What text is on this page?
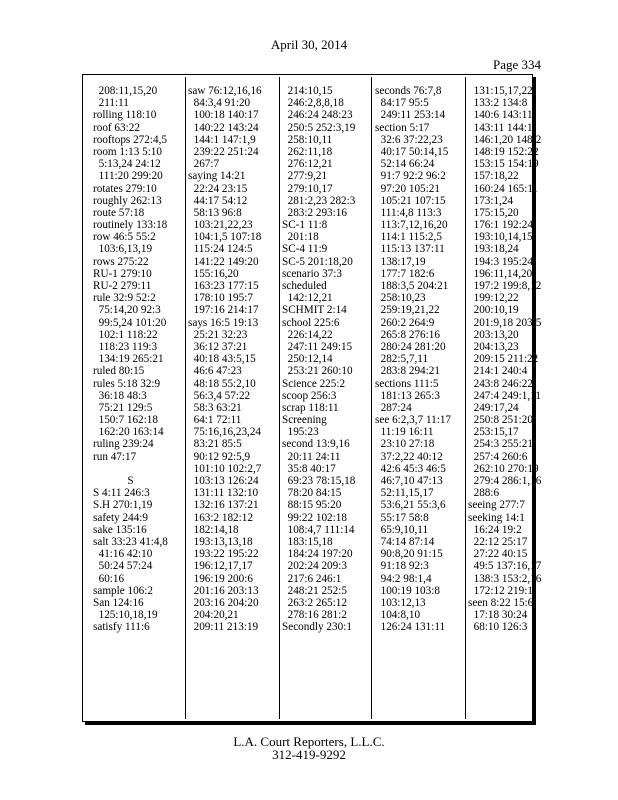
April 30, 2014
Page 334
208:11,15,20
211:11
rolling 118:10
roof 63:22
rooftops 272:4,5
room 1:13 5:10
5:13,24 24:12
111:20 299:20
rotates 279:10
roughly 262:13
route 57:18
routinely 133:18
row 46:5 55:2
103:6,13,19
rows 275:22
RU-1 279:10
RU-2 279:11
rule 32:9 52:2
75:14,20 92:3
99:5,24 101:20
102:1 118:22
118:23 119:3
134:19 265:21
ruled 80:15
rules 5:18 32:9
36:18 48:3
75:21 129:5
150:7 162:18
162:20 163:14
ruling 239:24
run 47:17
S
S 4:11 246:3
S.H 270:1,19
safety 244:9
sake 135:16
salt 33:23 41:4,8
41:16 42:10
50:24 57:24
60:16
sample 106:2
San 124:16
125:10,18,19
satisfy 111:6
saw 76:12,16,16
84:3,4 91:20
100:18 140:17
140:22 143:24
144:1 147:1,9
239:22 251:24
267:7
saying 14:21
22:24 23:15
44:17 54:12
58:13 96:8
103:21,22,23
104:1,5 107:18
115:24 124:5
141:22 149:20
155:16,20
163:23 177:15
178:10 195:7
197:16 214:17
says 16:5 19:13
25:21 32:23
36:12 37:21
40:18 43:5,15
46:6 47:23
48:18 55:2,10
56:3,4 57:22
58:3 63:21
64:1 72:11
75:16,16,23,24
83:21 85:5
90:12 92:5,9
101:10 102:2,7
103:13 126:24
131:11 132:10
132:16 137:21
163:2 182:12
182:14,18
193:13,13,18
193:22 195:22
196:12,17,17
196:19 200:6
201:16 203:13
203:16 204:20
204:20,21
209:11 213:19
214:10,15
246:2,8,8,18
246:24 248:23
250:5 252:3,19
258:10,11
262:11,18
276:12,21
277:9,21
279:10,17
281:2,23 282:3
283:2 293:16
SC-1 11:8
201:18
SC-4 11:9
SC-5 201:18,20
scenario 37:3
scheduled
142:12,21
SCHMIT 2:14
school 225:6
226:14,22
247:11 249:15
250:12,14
253:21 260:10
Science 225:2
scoop 256:3
scrap 118:11
Screening
195:23
second 13:9,16
20:11 24:11
35:8 40:17
69:23 78:15,18
78:20 84:15
88:15 95:20
99:22 102:18
108:4,7 111:14
183:15,18
184:24 197:20
202:24 209:3
217:6 246:1
248:21 252:5
263:2 265:12
278:16 281:2
Secondly 230:1
seconds 76:7,8
84:17 95:5
249:11 253:14
section 5:17
32:6 37:22,23
40:17 50:14,15
52:14 66:24
91:7 92:2 96:2
97:20 105:21
105:21 107:15
111:4,8 113:3
113:7,12,16,20
114:1 115:2,5
115:13 137:11
138:17,19
177:7 182:6
188:3,5 204:21
258:10,23
259:19,21,22
260:2 264:9
265:8 276:16
280:24 281:20
282:5,7,11
283:8 294:21
sections 111:5
181:13 265:3
287:24
see 6:2,3,7 11:17
11:19 16:11
23:10 27:18
37:2,22 40:12
42:6 45:3 46:5
46:7,10 47:13
52:11,15,17
53:6,21 55:3,6
55:17 58:8
65:9,10,11
74:14 87:14
90:8,20 91:15
91:18 92:3
94:2 98:1,4
100:19 103:8
103:12,13
104:8,10
126:24 131:11
131:15,17,22
133:2 134:8
140:6 143:11
143:11 144:1
146:1,20 148:2
148:19 152:22
153:15 154:19
157:18,22
160:24 165:11
173:1,24
175:15,20
176:1 192:24
193:10,14,15
193:18,24
194:3 195:24
196:11,14,20
197:2 199:8,12
199:12,22
200:10,19
201:9,18 203:5
203:13,20
204:13,23
209:15 211:22
214:1 240:4
243:8 246:22
247:4 249:1,11
249:17,24
250:8 251:20
253:15,17
254:3 255:21
257:4 260:6
262:10 270:19
279:4 286:1,16
288:6
seeing 277:7
seeking 14:1
16:24 19:2
22:12 25:17
27:22 40:15
49:5 137:16,17
138:3 153:2,16
172:12 219:1
seen 8:22 15:6
17:18 30:24
68:10 126:3
L.A. Court Reporters, L.L.C.
312-419-9292
